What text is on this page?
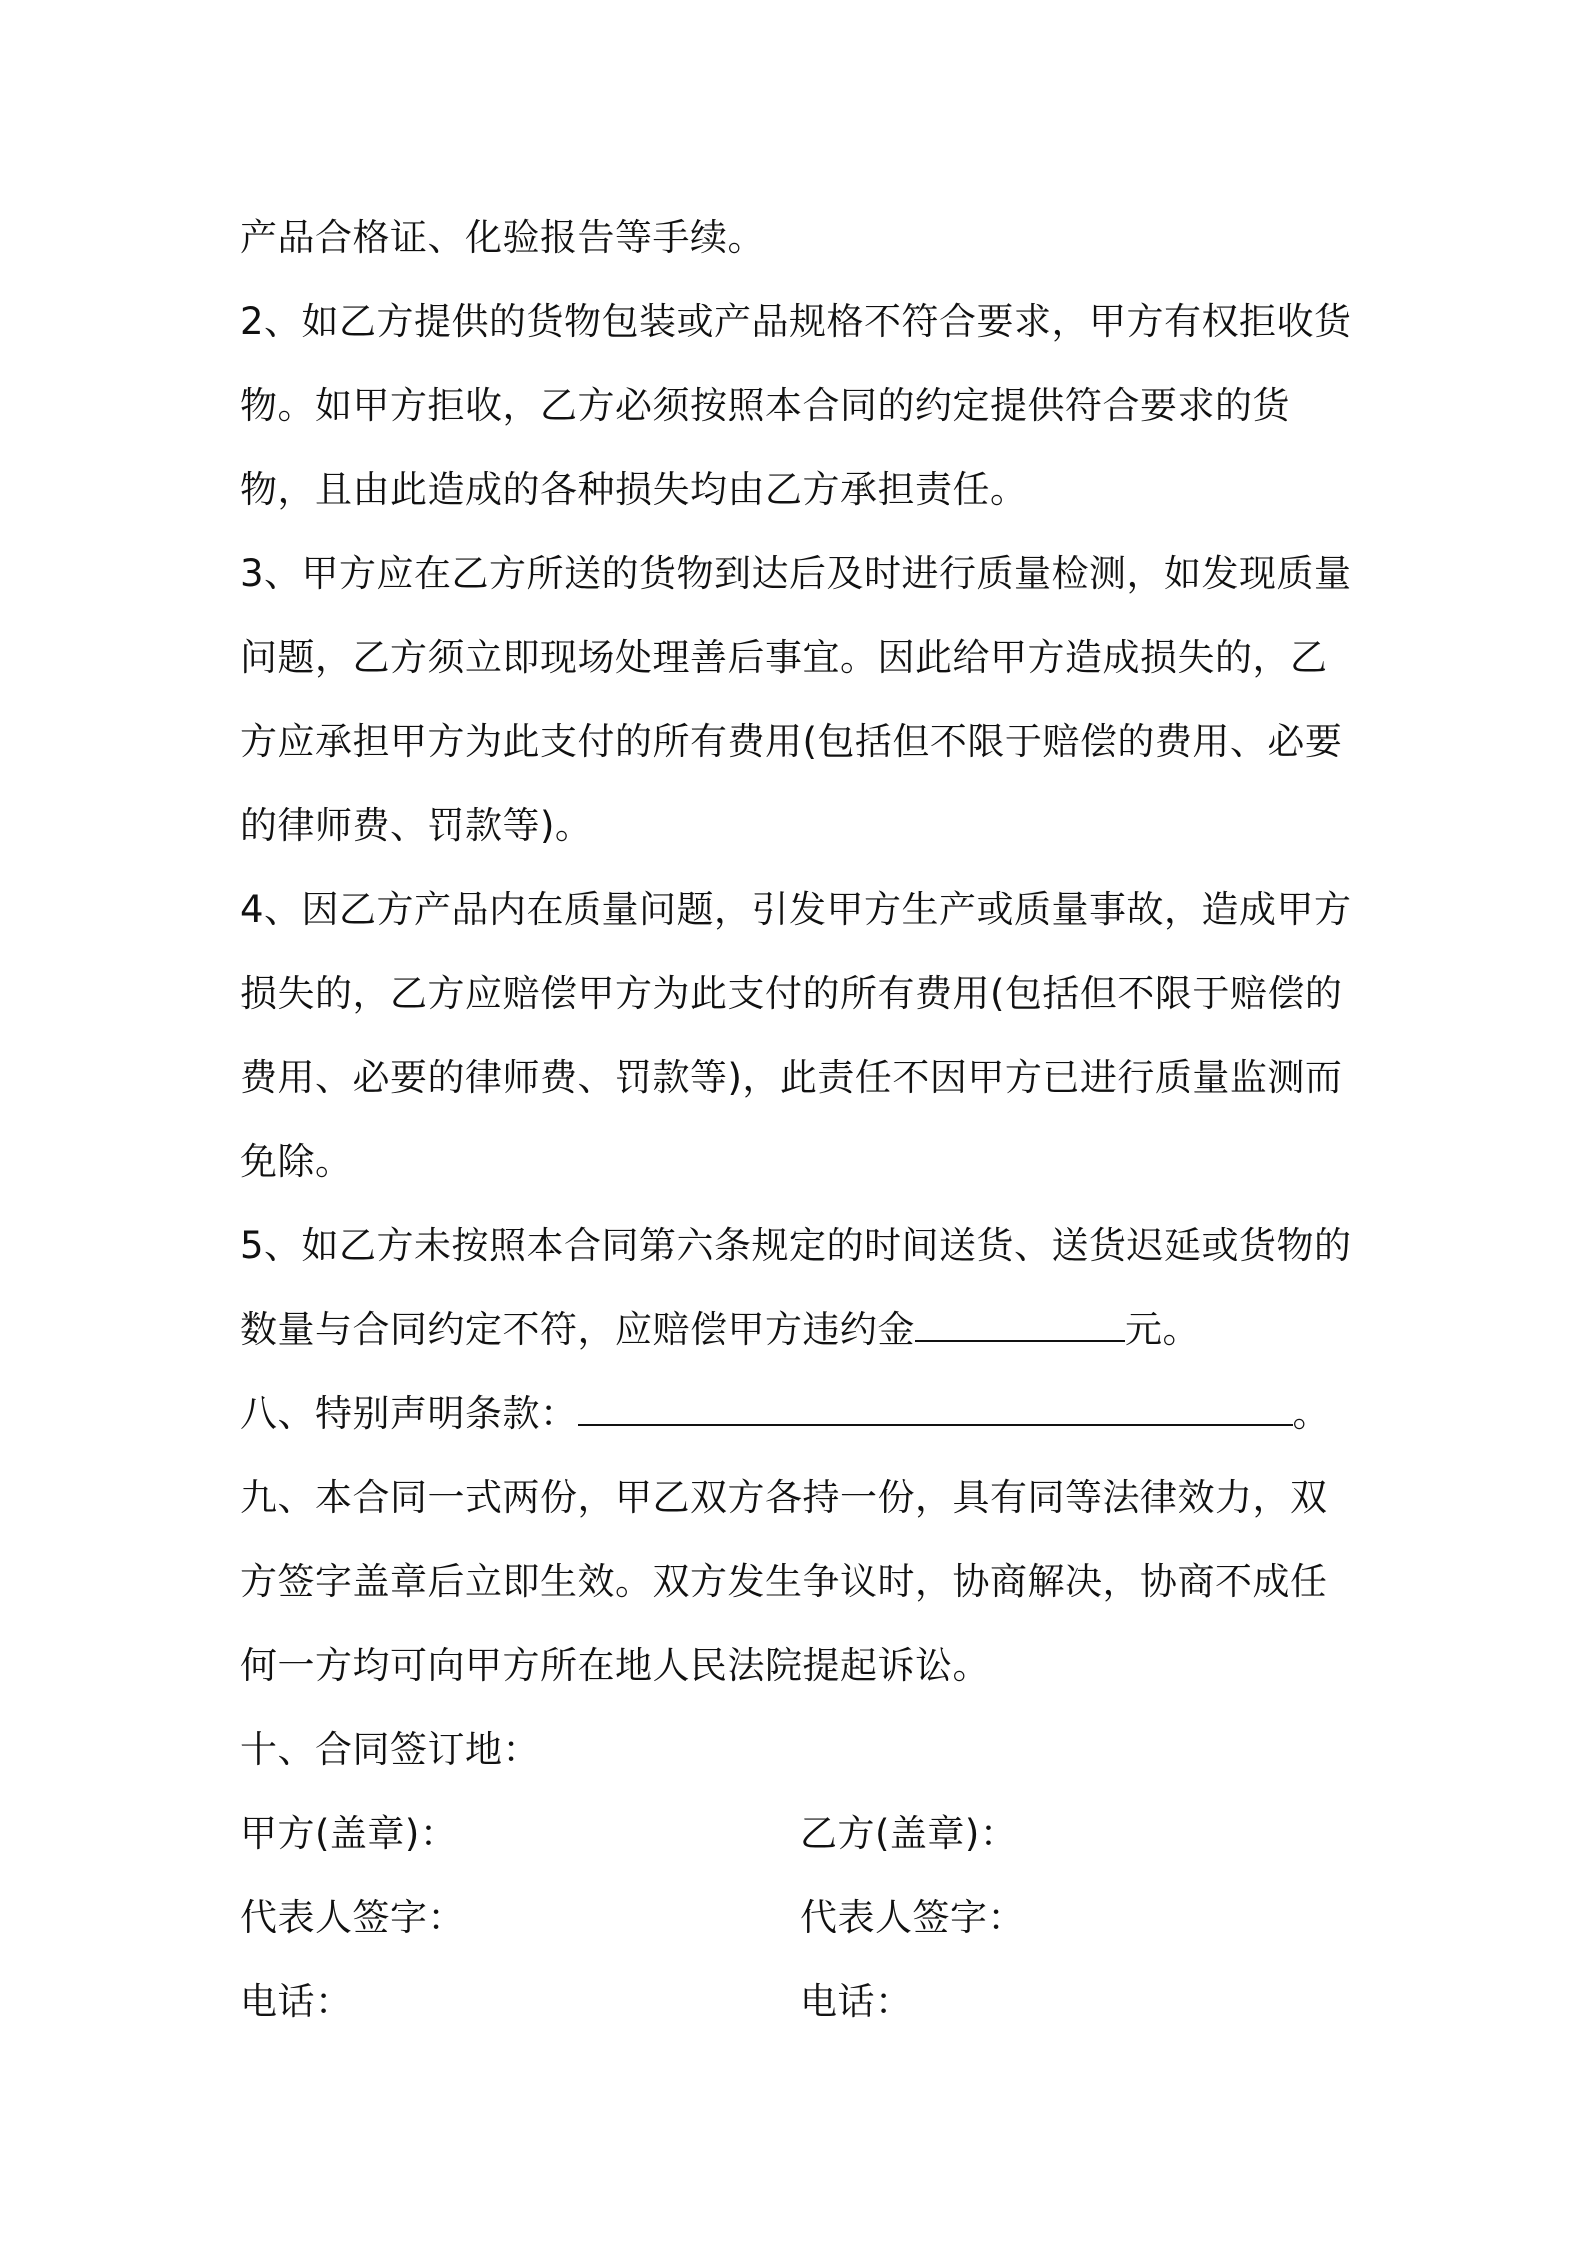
产品合格证、化验报告等手续。

2、如乙方提供的货物包装或产品规格不符合要求，甲方有权拒收货物。如甲方拒收，乙方必须按照本合同的约定提供符合要求的货物，且由此造成的各种损失均由乙方承担责任。

3、甲方应在乙方所送的货物到达后及时进行质量检测，如发现质量问题，乙方须立即现场处理善后事宜。因此给甲方造成损失的，乙方应承担甲方为此支付的所有费用(包括但不限于赔偿的费用、必要的律师费、罚款等)。

4、因乙方产品内在质量问题，引发甲方生产或质量事故，造成甲方损失的，乙方应赔偿甲方为此支付的所有费用(包括但不限于赔偿的费用、必要的律师费、罚款等)，此责任不因甲方已进行质量监测而免除。

5、如乙方未按照本合同第六条规定的时间送货、送货迟延或货物的数量与合同约定不符，应赔偿甲方违约金	元。

八、特别声明条款：	。

九、本合同一式两份，甲乙双方各持一份，具有同等法律效力，双方签字盖章后立即生效。双方发生争议时，协商解决，协商不成任何一方均可向甲方所在地人民法院提起诉讼。

十、合同签订地：

甲方(盖章)：	乙方(盖章)：
代表人签字：	代表人签字：
电话：	电话：
